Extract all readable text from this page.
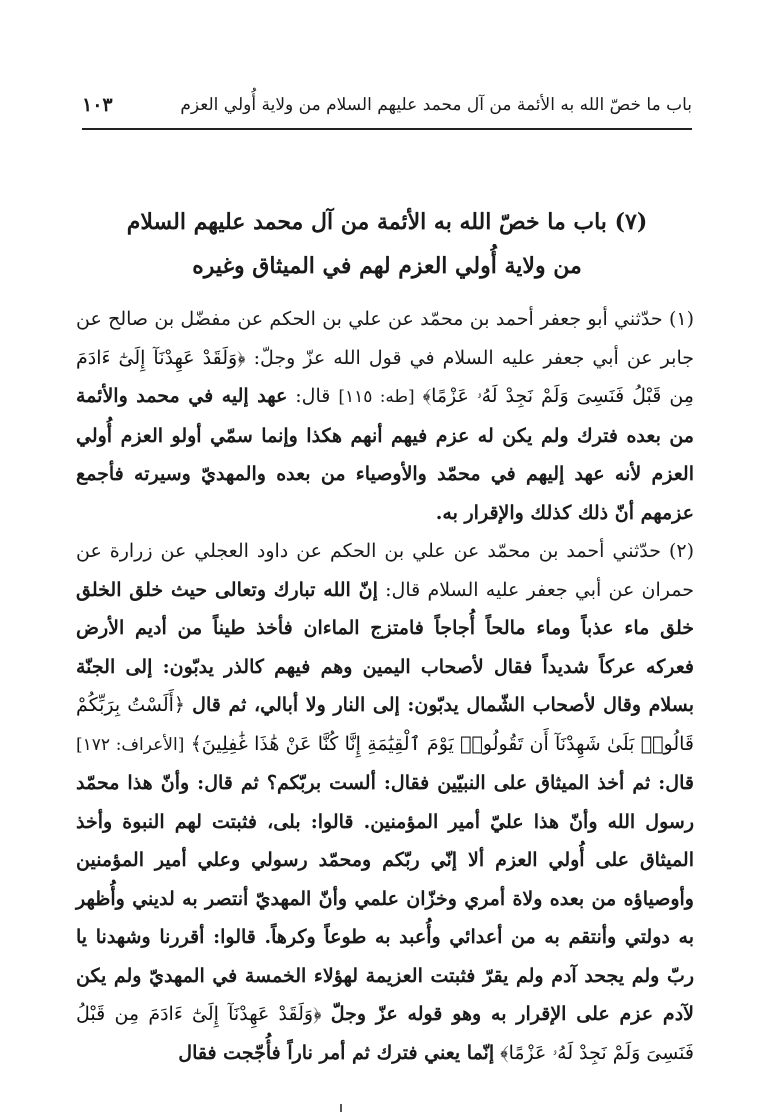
باب ما خصّ الله به الأئمة من آل محمد عليهم السلام من ولاية أُولي العزم
١٠٣
(٧) باب ما خصّ الله به الأئمة من آل محمد عليهم السلام
من ولاية أُولي العزم لهم في الميثاق وغيره

(١) حدّثني أبو جعفر أحمد بن محمّد عن علي بن الحكم عن مفضّل بن صالح عن جابر عن أبي جعفر عليه السلام في قول الله عزّ وجلّ: ﴿وَلَقَدْ عَهِدْنَآ إِلَىٰٓ ءَادَمَ مِن قَبْلُ فَنَسِىَ وَلَمْ نَجِدْ لَهُۥ عَزْمًا﴾ [طه: ١١٥] قال: عهد إليه في محمد والأئمة من بعده فترك ولم يكن له عزم فيهم أنهم هكذا وإنما سمّي أولو العزم أُولي العزم لأنه عهد إليهم في محمّد والأوصياء من بعده والمهديّ وسيرته فأجمع عزمهم أنّ ذلك كذلك والإقرار به.

(٢) حدّثني أحمد بن محمّد عن علي بن الحكم عن داود العجلي عن زرارة عن حمران عن أبي جعفر عليه السلام قال: إنّ الله تبارك وتعالى حيث خلق الخلق خلق ماء عذباً وماء مالحاً أُجاجاً فامتزج الماءان فأخذ طيناً من أديم الأرض فعركه عركاً شديداً فقال لأصحاب اليمين وهم فيهم كالذر يدبّون: إلى الجنّة بسلام وقال لأصحاب الشّمال يدبّون: إلى النار ولا أبالي، ثم قال ﴿أَلَسْتُ بِرَبِّكُمْ قَالُوا۟ بَلَىٰ شَهِدْنَآ أَن تَقُولُوا۟ يَوْمَ ٱلْقِيَٰمَةِ إِنَّا كُنَّا عَنْ هَٰذَا غَٰفِلِينَ﴾ [الأعراف: ١٧٢] قال: ثم أخذ الميثاق على النبيّين فقال: ألست بربّكم؟ ثم قال: وأنّ هذا محمّد رسول الله وأنّ هذا عليّ أمير المؤمنين. قالوا: بلى، فثبتت لهم النبوة وأخذ الميثاق على أُولي العزم ألا إنّي ربّكم ومحمّد رسولي وعلي أمير المؤمنين وأوصياؤه من بعده ولاة أمري وخزّان علمي وأنّ المهديّ أنتصر به لديني وأُظهر به دولتي وأنتقم به من أعدائي وأُعبد به طوعاً وكرهاً. قالوا: أقررنا وشهدنا يا ربّ ولم يجحد آدم ولم يقرّ فثبتت العزيمة لهؤلاء الخمسة في المهديّ ولم يكن لآدم عزم على الإقرار به وهو قوله عزّ وجلّ ﴿وَلَقَدْ عَهِدْنَآ إِلَىٰٓ ءَادَمَ مِن قَبْلُ فَنَسِىَ وَلَمْ نَجِدْ لَهُۥ عَزْمًا﴾ إنّما يعني فترك ثم أمر ناراً فأُجّجت فقال
